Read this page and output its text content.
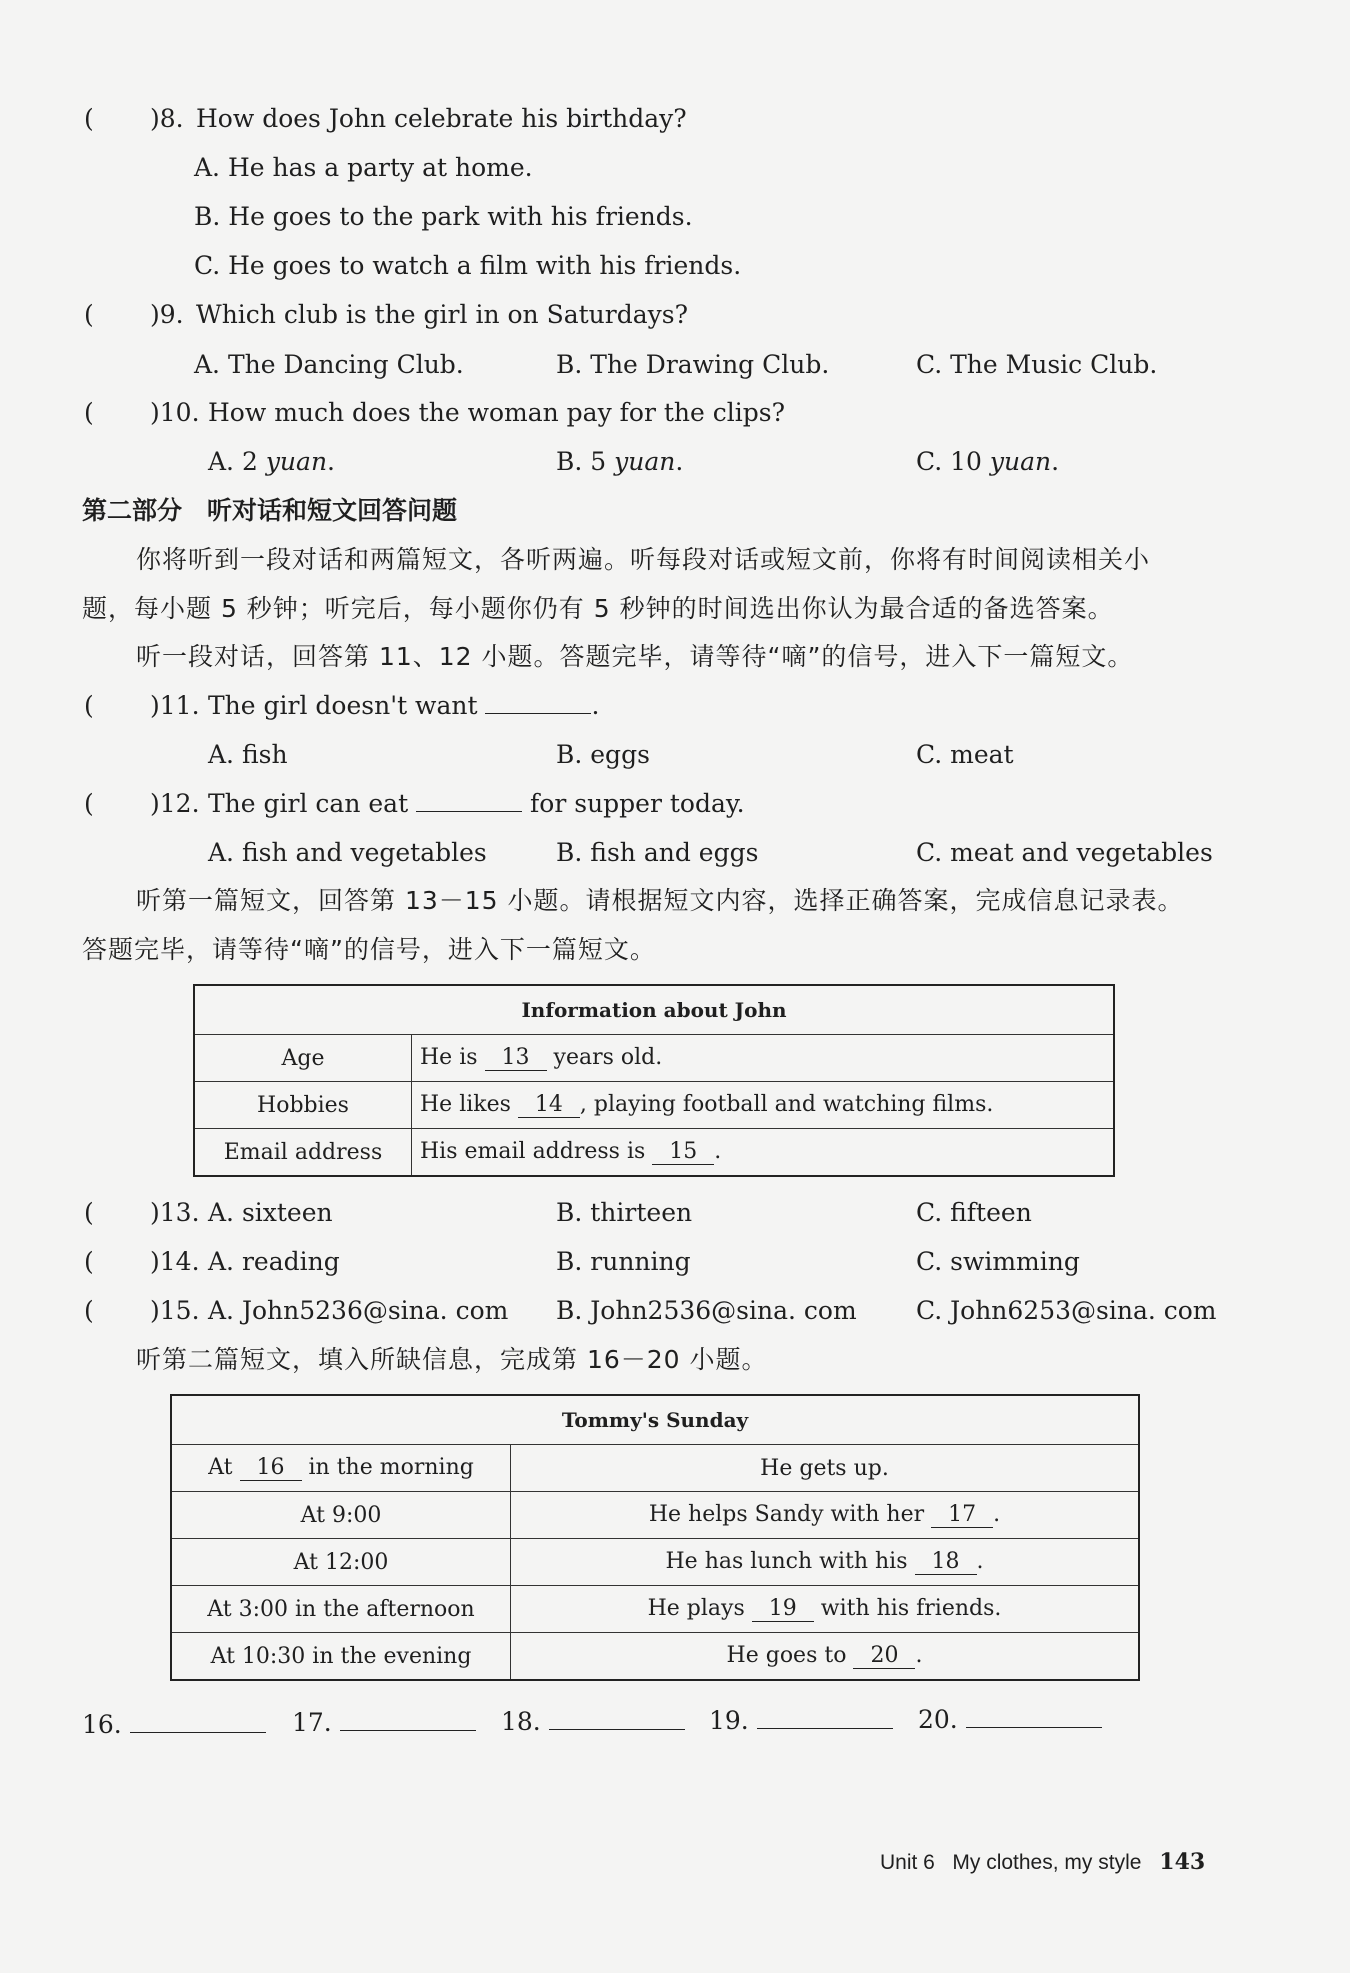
( )8. How does John celebrate his birthday?
A. He has a party at home.
B. He goes to the park with his friends.
C. He goes to watch a film with his friends.
( )9. Which club is the girl in on Saturdays?
A. The Dancing Club.	B. The Drawing Club.	C. The Music Club.
( )10. How much does the woman pay for the clips?
A. 2 yuan.	B. 5 yuan.	C. 10 yuan.
第二部分　听对话和短文回答问题
你将听到一段对话和两篇短文，各听两遍。听每段对话或短文前，你将有时间阅读相关小
题，每小题 5 秒钟；听完后，每小题你仍有 5 秒钟的时间选出你认为最合适的备选答案。
听一段对话，回答第 11、12 小题。答题完毕，请等待“嘀”的信号，进入下一篇短文。
( )11. The girl doesn't want	.
A. fish	B. eggs	C. meat
( )12. The girl can eat	for supper today.
A. fish and vegetables	B. fish and eggs	C. meat and vegetables
听第一篇短文，回答第 13－15 小题。请根据短文内容，选择正确答案，完成信息记录表。
答题完毕，请等待“嘀”的信号，进入下一篇短文。
Information about John	
Age	He is 13 years old.
Hobbies	He likes 14 , playing football and watching films.
Email address	His email address is 15 .
( )13. A. sixteen	B. thirteen	C. fifteen
( )14. A. reading	B. running	C. swimming
( )15. A. John5236@sina. com B. John2536@sina. com C. John6253@sina. com
听第二篇短文，填入所缺信息，完成第 16－20 小题。
Tommy's Sunday	
At 16 in the morning	He gets up.
At 9:00	He helps Sandy with her 17 .
At 12:00	He has lunch with his 18 .
At 3:00 in the afternoon	He plays 19 with his friends.
At 10:30 in the evening	He goes to 20 .
16.	17.	18.	19.	20.
Unit 6 My clothes, my style 143
